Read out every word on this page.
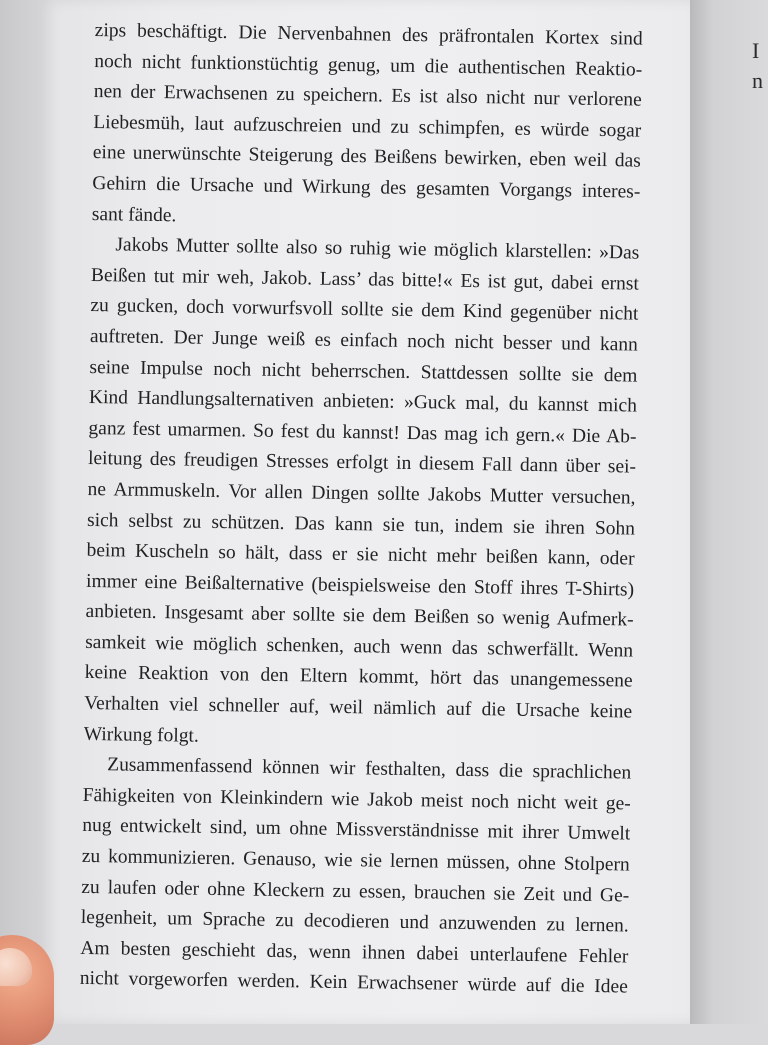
I
n
zips beschäftigt. Die Nervenbahnen des präfrontalen Kortex sind
noch nicht funktionstüchtig genug, um die authentischen Reaktio-
nen der Erwachsenen zu speichern. Es ist also nicht nur verlorene
Liebesmüh, laut aufzuschreien und zu schimpfen, es würde sogar
eine unerwünschte Steigerung des Beißens bewirken, eben weil das
Gehirn die Ursache und Wirkung des gesamten Vorgangs interes-
sant fände.
Jakobs Mutter sollte also so ruhig wie möglich klarstellen: »Das
Beißen tut mir weh, Jakob. Lass’ das bitte!« Es ist gut, dabei ernst
zu gucken, doch vorwurfsvoll sollte sie dem Kind gegenüber nicht
auftreten. Der Junge weiß es einfach noch nicht besser und kann
seine Impulse noch nicht beherrschen. Stattdessen sollte sie dem
Kind Handlungsalternativen anbieten: »Guck mal, du kannst mich
ganz fest umarmen. So fest du kannst! Das mag ich gern.« Die Ab-
leitung des freudigen Stresses erfolgt in diesem Fall dann über sei-
ne Armmuskeln. Vor allen Dingen sollte Jakobs Mutter versuchen,
sich selbst zu schützen. Das kann sie tun, indem sie ihren Sohn
beim Kuscheln so hält, dass er sie nicht mehr beißen kann, oder
immer eine Beißalternative (beispielsweise den Stoff ihres T-Shirts)
anbieten. Insgesamt aber sollte sie dem Beißen so wenig Aufmerk-
samkeit wie möglich schenken, auch wenn das schwerfällt. Wenn
keine Reaktion von den Eltern kommt, hört das unangemessene
Verhalten viel schneller auf, weil nämlich auf die Ursache keine
Wirkung folgt.
Zusammenfassend können wir festhalten, dass die sprachlichen
Fähigkeiten von Kleinkindern wie Jakob meist noch nicht weit ge-
nug entwickelt sind, um ohne Missverständnisse mit ihrer Umwelt
zu kommunizieren. Genauso, wie sie lernen müssen, ohne Stolpern
zu laufen oder ohne Kleckern zu essen, brauchen sie Zeit und Ge-
legenheit, um Sprache zu decodieren und anzuwenden zu lernen.
Am besten geschieht das, wenn ihnen dabei unterlaufene Fehler
nicht vorgeworfen werden. Kein Erwachsener würde auf die Idee
